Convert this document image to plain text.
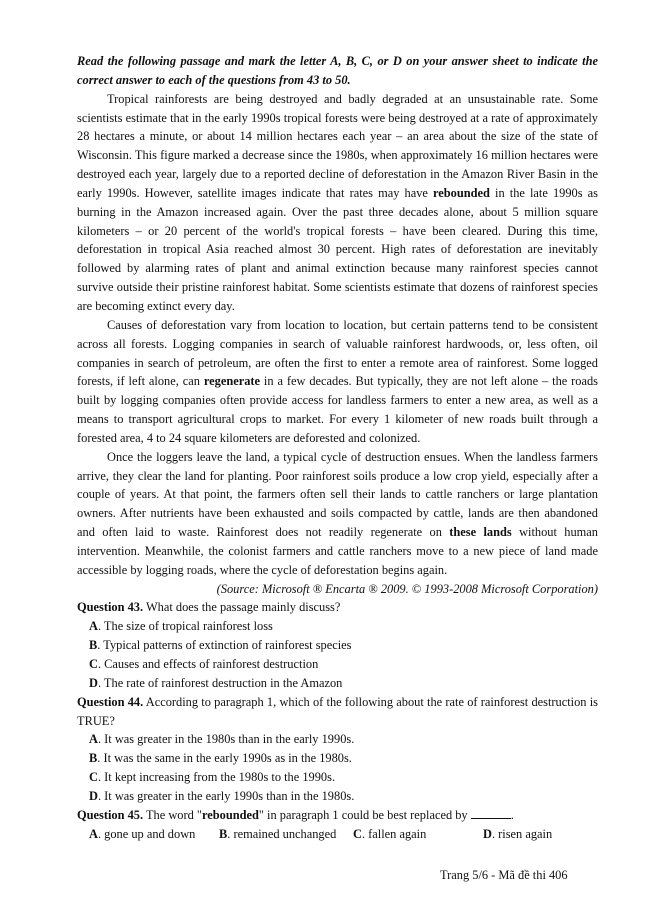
Read the following passage and mark the letter A, B, C, or D on your answer sheet to indicate the correct answer to each of the questions from 43 to 50.

Tropical rainforests are being destroyed and badly degraded at an unsustainable rate. Some scientists estimate that in the early 1990s tropical forests were being destroyed at a rate of approximately 28 hectares a minute, or about 14 million hectares each year – an area about the size of the state of Wisconsin. This figure marked a decrease since the 1980s, when approximately 16 million hectares were destroyed each year, largely due to a reported decline of deforestation in the Amazon River Basin in the early 1990s. However, satellite images indicate that rates may have rebounded in the late 1990s as burning in the Amazon increased again. Over the past three decades alone, about 5 million square kilometers – or 20 percent of the world's tropical forests – have been cleared. During this time, deforestation in tropical Asia reached almost 30 percent. High rates of deforestation are inevitably followed by alarming rates of plant and animal extinction because many rainforest species cannot survive outside their pristine rainforest habitat. Some scientists estimate that dozens of rainforest species are becoming extinct every day.

Causes of deforestation vary from location to location, but certain patterns tend to be consistent across all forests. Logging companies in search of valuable rainforest hardwoods, or, less often, oil companies in search of petroleum, are often the first to enter a remote area of rainforest. Some logged forests, if left alone, can regenerate in a few decades. But typically, they are not left alone – the roads built by logging companies often provide access for landless farmers to enter a new area, as well as a means to transport agricultural crops to market. For every 1 kilometer of new roads built through a forested area, 4 to 24 square kilometers are deforested and colonized.

Once the loggers leave the land, a typical cycle of destruction ensues. When the landless farmers arrive, they clear the land for planting. Poor rainforest soils produce a low crop yield, especially after a couple of years. At that point, the farmers often sell their lands to cattle ranchers or large plantation owners. After nutrients have been exhausted and soils compacted by cattle, lands are then abandoned and often laid to waste. Rainforest does not readily regenerate on these lands without human intervention. Meanwhile, the colonist farmers and cattle ranchers move to a new piece of land made accessible by logging roads, where the cycle of deforestation begins again.

(Source: Microsoft ® Encarta ® 2009. © 1993-2008 Microsoft Corporation)

Question 43. What does the passage mainly discuss?

A. The size of tropical rainforest loss

B. Typical patterns of extinction of rainforest species

C. Causes and effects of rainforest destruction

D. The rate of rainforest destruction in the Amazon

Question 44. According to paragraph 1, which of the following about the rate of rainforest destruction is TRUE?

A. It was greater in the 1980s than in the early 1990s.

B. It was the same in the early 1990s as in the 1980s.

C. It kept increasing from the 1980s to the 1990s.

D. It was greater in the early 1990s than in the 1980s.

Question 45. The word "rebounded" in paragraph 1 could be best replaced by	.

A. gone up and down B. remained unchanged C. fallen again	D. risen again

Trang 5/6 - Mã đề thi 406
